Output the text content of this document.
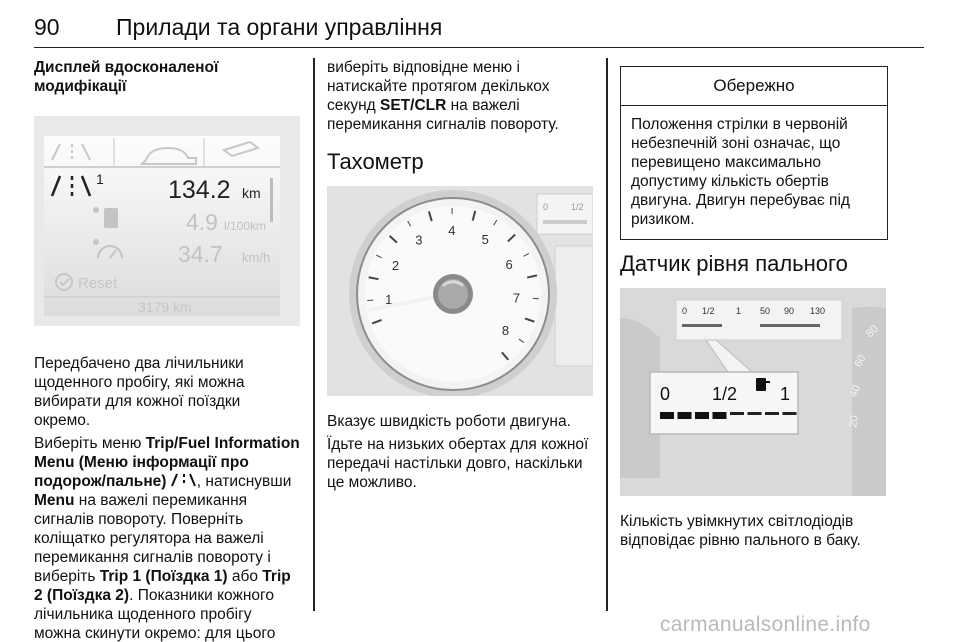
90 Прилади та органи управління
Дисплей вдосконаленої модифікації
1	134.2 km
4.9 l/100km
34.7 km/h
Reset
3179 km

Передбачено два лічильники щоденного пробігу, які можна вибирати для кожної поїздки окремо.

Виберіть меню Trip/Fuel Information Menu (Меню інформації про подорож/пальне) , натиснувши Menu на важелі перемикання сигналів повороту. Поверніть коліщатко регулятора на важелі перемикання сигналів повороту і виберіть Trip 1 (Поїздка 1) або Trip 2 (Поїздка 2). Показники кожного лічильника щоденного пробігу можна скинути окремо: для цього

виберіть відповідне меню і натискайте протягом декількох секунд SET/CLR на важелі перемикання сигналів повороту.

Тахометр
0	1/2
1
2
3
4
5
6
7
8

Вказує швидкість роботи двигуна.

Їдьте на низьких обертах для кожної передачі настільки довго, наскільки це можливо.

Обережно
Положення стрілки в червоній небезпечній зоні означає, що перевищено максимально допустиму кількість обертів двигуна. Двигун перебуває під ризиком.
Датчик рівня пального
20
40
60
80
0 1/2 1 50 90 130
0 1/2 1

Кількість увімкнутих світлодіодів відповідає рівню пального в баку.

carmanualsonline.info
